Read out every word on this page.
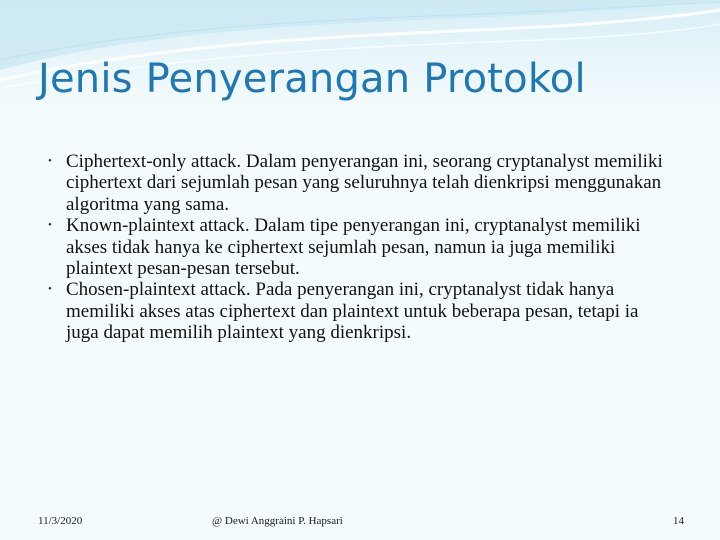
Jenis Penyerangan Protokol
• Ciphertext-only attack. Dalam penyerangan ini, seorang cryptanalyst memiliki ciphertext dari sejumlah pesan yang seluruhnya telah dienkripsi menggunakan algoritma yang sama.
• Known-plaintext attack. Dalam tipe penyerangan ini, cryptanalyst memiliki akses tidak hanya ke ciphertext sejumlah pesan, namun ia juga memiliki plaintext pesan-pesan tersebut.
• Chosen-plaintext attack. Pada penyerangan ini, cryptanalyst tidak hanya memiliki akses atas ciphertext dan plaintext untuk beberapa pesan, tetapi ia juga dapat memilih plaintext yang dienkripsi.
11/3/2020	@ Dewi Anggraini P. Hapsari	14
